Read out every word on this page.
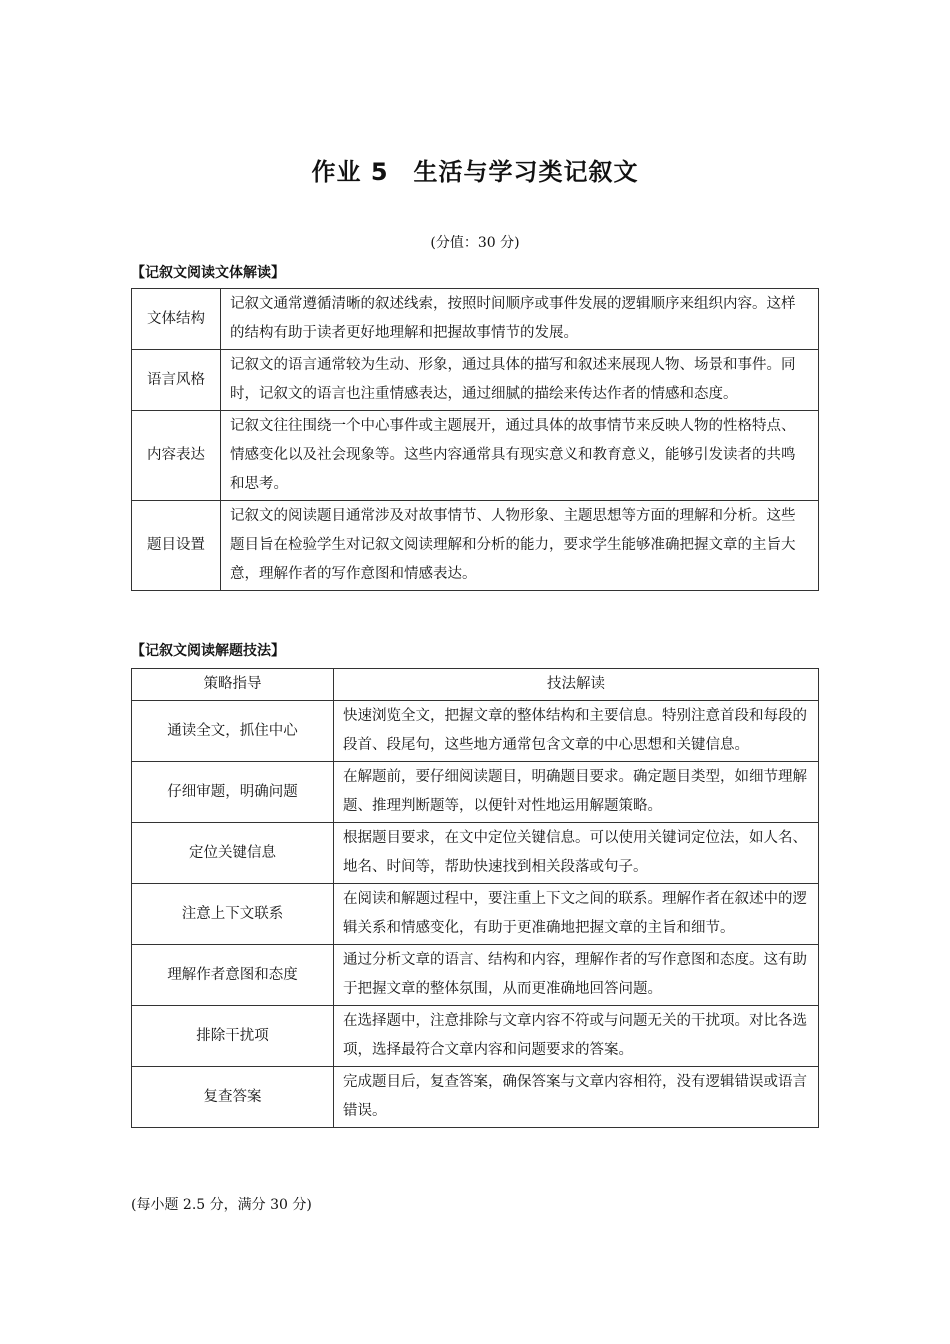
作业 5　生活与学习类记叙文
(分值：30 分)
【记叙文阅读文体解读】
文体结构	记叙文通常遵循清晰的叙述线索，按照时间顺序或事件发展的逻辑顺序来组织内容。这样的结构有助于读者更好地理解和把握故事情节的发展。
语言风格	记叙文的语言通常较为生动、形象，通过具体的描写和叙述来展现人物、场景和事件。同时，记叙文的语言也注重情感表达，通过细腻的描绘来传达作者的情感和态度。
内容表达	记叙文往往围绕一个中心事件或主题展开，通过具体的故事情节来反映人物的性格特点、情感变化以及社会现象等。这些内容通常具有现实意义和教育意义，能够引发读者的共鸣和思考。
题目设置	记叙文的阅读题目通常涉及对故事情节、人物形象、主题思想等方面的理解和分析。这些题目旨在检验学生对记叙文阅读理解和分析的能力，要求学生能够准确把握文章的主旨大意，理解作者的写作意图和情感表达。
【记叙文阅读解题技法】
策略指导	技法解读
通读全文，抓住中心	快速浏览全文，把握文章的整体结构和主要信息。特别注意首段和每段的段首、段尾句，这些地方通常包含文章的中心思想和关键信息。
仔细审题，明确问题	在解题前，要仔细阅读题目，明确题目要求。确定题目类型，如细节理解题、推理判断题等，以便针对性地运用解题策略。
定位关键信息	根据题目要求，在文中定位关键信息。可以使用关键词定位法，如人名、地名、时间等，帮助快速找到相关段落或句子。
注意上下文联系	在阅读和解题过程中，要注重上下文之间的联系。理解作者在叙述中的逻辑关系和情感变化，有助于更准确地把握文章的主旨和细节。
理解作者意图和态度	通过分析文章的语言、结构和内容，理解作者的写作意图和态度。这有助于把握文章的整体氛围，从而更准确地回答问题。
排除干扰项	在选择题中，注意排除与文章内容不符或与问题无关的干扰项。对比各选项，选择最符合文章内容和问题要求的答案。
复查答案	完成题目后，复查答案，确保答案与文章内容相符，没有逻辑错误或语言错误。
(每小题 2.5 分，满分 30 分)
